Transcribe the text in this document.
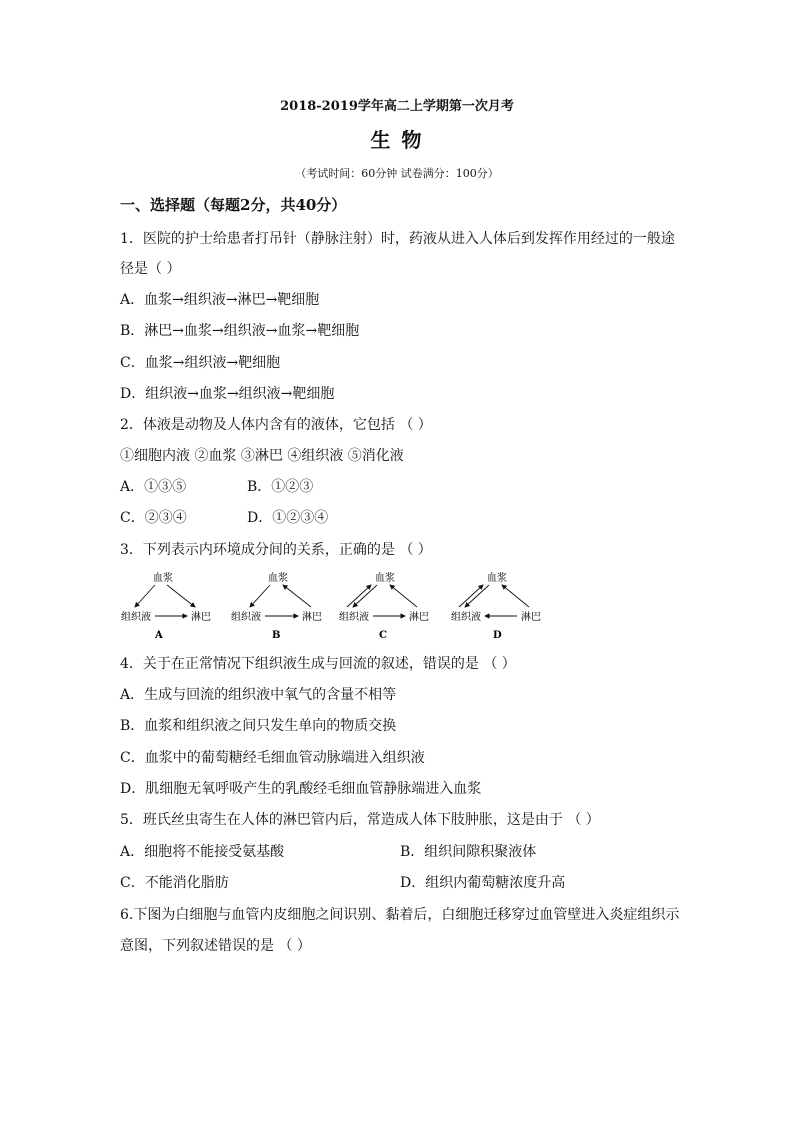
2018-2019学年高二上学期第一次月考
生 物
（考试时间：60分钟 试卷满分：100分）
一、选择题（每题2分，共40分）
1．医院的护士给患者打吊针（静脉注射）时，药液从进入人体后到发挥作用经过的一般途
径是（ ）
A．血浆→组织液→淋巴→靶细胞
B．淋巴→血浆→组织液→血浆→靶细胞
C．血浆→组织液→靶细胞
D．组织液→血浆→组织液→靶细胞
2．体液是动物及人体内含有的液体，它包括 （ ）
①细胞内液 ②血浆 ③淋巴 ④组织液 ⑤消化液
A．①③⑤	B．①②③
C．②③④	D．①②③④
3．下列表示内环境成分间的关系，正确的是 （ ）
血浆
组织液	淋巴
A
血浆
组织液	淋巴
B
血浆
组织液	淋巴
C
血浆
组织液	淋巴
D
4．关于在正常情况下组织液生成与回流的叙述，错误的是 （ ）
A．生成与回流的组织液中氧气的含量不相等
B．血浆和组织液之间只发生单向的物质交换
C．血浆中的葡萄糖经毛细血管动脉端进入组织液
D．肌细胞无氧呼吸产生的乳酸经毛细血管静脉端进入血浆
5．班氏丝虫寄生在人体的淋巴管内后，常造成人体下肢肿胀，这是由于 （ ）
A．细胞将不能接受氨基酸	B．组织间隙积聚液体
C．不能消化脂肪	D．组织内葡萄糖浓度升高
6.下图为白细胞与血管内皮细胞之间识别、黏着后，白细胞迁移穿过血管壁进入炎症组织示
意图，下列叙述错误的是 （ ）
